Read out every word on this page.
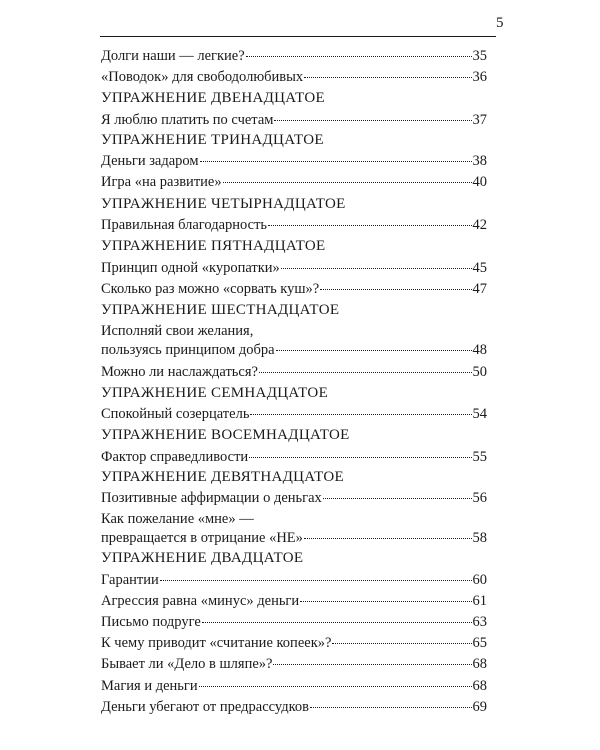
5
Долги наши — легкие?	35
«Поводок» для свободолюбивых	36
УПРАЖНЕНИЕ ДВЕНАДЦАТОЕ
Я люблю платить по счетам	37
УПРАЖНЕНИЕ ТРИНАДЦАТОЕ
Деньги задаром	38
Игра «на развитие»	40
УПРАЖНЕНИЕ ЧЕТЫРНАДЦАТОЕ
Правильная благодарность	42
УПРАЖНЕНИЕ ПЯТНАДЦАТОЕ
Принцип одной «куропатки»	45
Сколько раз можно «сорвать куш»?	47
УПРАЖНЕНИЕ ШЕСТНАДЦАТОЕ
Исполняй свои желания,
пользуясь принципом добра	48
Можно ли наслаждаться?	50
УПРАЖНЕНИЕ СЕМНАДЦАТОЕ
Спокойный созерцатель	54
УПРАЖНЕНИЕ ВОСЕМНАДЦАТОЕ
Фактор справедливости	55
УПРАЖНЕНИЕ ДЕВЯТНАДЦАТОЕ
Позитивные аффирмации о деньгах	56
Как пожелание «мне» —
превращается в отрицание «НЕ»	58
УПРАЖНЕНИЕ ДВАДЦАТОЕ
Гарантии	60
Агрессия равна «минус» деньги	61
Письмо подруге	63
К чему приводит «считание копеек»?	65
Бывает ли «Дело в шляпе»?	68
Магия и деньги	68
Деньги убегают от предрассудков	69
